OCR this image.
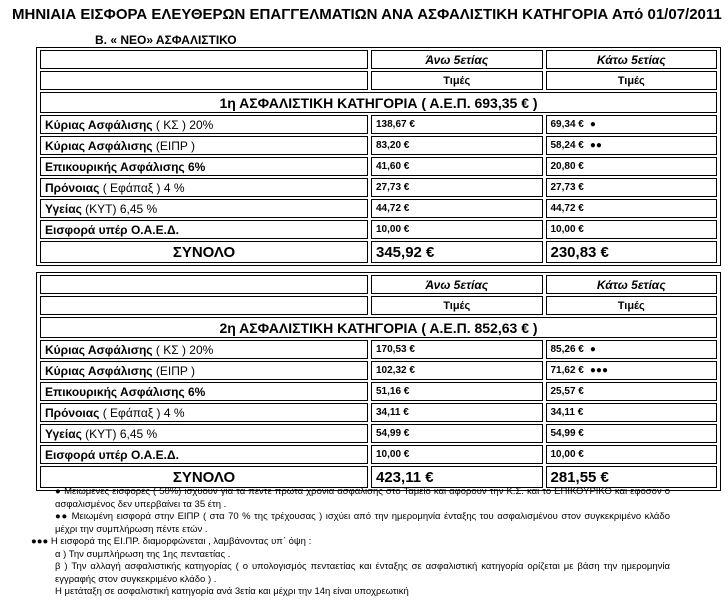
ΜΗΝΙΑΙΑ ΕΙΣΦΟΡΑ ΕΛΕΥΘΕΡΩΝ ΕΠΑΓΓΕΛΜΑΤΙΩΝ ΑΝΑ ΑΣΦΑΛΙΣΤΙΚΗ ΚΑΤΗΓΟΡΙΑ Από 01/07/2011
Β. « ΝΕΟ» ΑΣΦΑΛΙΣΤΙΚΟ
	Άνω 5ετίας	Κάτω 5ετίας
	Τιμές	Τιμές
1η ΑΣΦΑΛΙΣΤΙΚΗ ΚΑΤΗΓΟΡΙΑ ( Α.Ε.Π. 693,35 € )		
Κύριας Ασφάλισης ( ΚΣ ) 20%	138,67 €	69,34 € ●
Κύριας Ασφάλισης (ΕΙΠΡ )	83,20 €	58,24 € ●●
Επικουρικής Ασφάλισης 6%	41,60 €	20,80 €
Πρόνοιας ( Εφάπαξ ) 4 %	27,73 €	27,73 €
Υγείας (ΚΥΤ) 6,45 %	44,72 €	44,72 €
Εισφορά υπέρ Ο.Α.Ε.Δ.	10,00 €	10,00 €
ΣΥΝΟΛΟ	345,92 €	230,83 €
	Άνω 5ετίας	Κάτω 5ετίας
	Τιμές	Τιμές
2η ΑΣΦΑΛΙΣΤΙΚΗ ΚΑΤΗΓΟΡΙΑ ( Α.Ε.Π. 852,63 € )		
Κύριας Ασφάλισης ( ΚΣ ) 20%	170,53 €	85,26 € ●
Κύριας Ασφάλισης (ΕΙΠΡ )	102,32 €	71,62 € ●●●
Επικουρικής Ασφάλισης 6%	51,16 €	25,57 €
Πρόνοιας ( Εφάπαξ ) 4 %	34,11 €	34,11 €
Υγείας (ΚΥΤ) 6,45 %	54,99 €	54,99 €
Εισφορά υπέρ Ο.Α.Ε.Δ.	10,00 €	10,00 €
ΣΥΝΟΛΟ	423,11 €	281,55 €

● Μειωμένες εισφορές ( 50%) ισχύουν για τα πέντε πρώτα χρόνια ασφάλισης στο Ταμείο και αφορούν την Κ.Σ. και το ΕΠΙΚΟΥΡΙΚΟ και εφόσον ο ασφαλισμένος δεν υπερβαίνει τα 35 έτη .

●● Μειωμένη εισφορά στην ΕΙΠΡ ( στα 70 % της τρέχουσας ) ισχύει από την ημερομηνία ένταξης του ασφαλισμένου στον συγκεκριμένο κλάδο μέχρι την συμπλήρωση πέντε ετών .

●●● Η εισφορά της ΕΙ.ΠΡ. διαμορφώνεται , λαμβάνοντας υπ΄ όψη :

α ) Την συμπλήρωση της 1ης πενταετίας .

β ) Την αλλαγή ασφαλιστικής κατηγορίας ( ο υπολογισμός πενταετίας και ένταξης σε ασφαλιστική κατηγορία ορίζεται με βάση την ημερομηνία εγγραφής στον συγκεκριμένο κλάδο ) .

Η μετάταξη σε ασφαλιστική κατηγορία ανά 3ετία και μέχρι την 14η είναι υποχρεωτική
